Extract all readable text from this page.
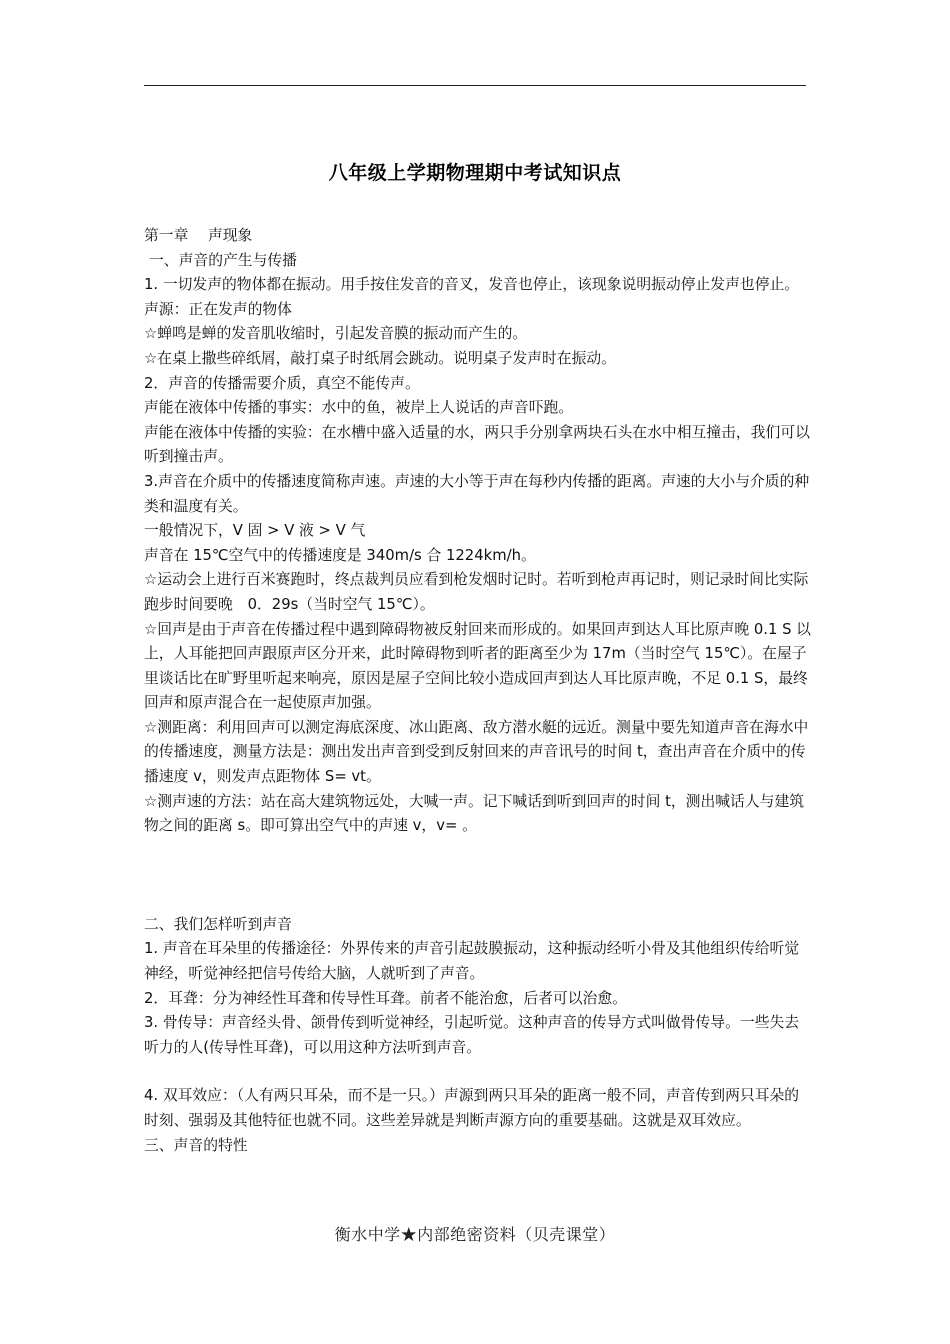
八年级上学期物理期中考试知识点

第一章　 声现象

一、声音的产生与传播

1. 一切发声的物体都在振动。用手按住发音的音叉，发音也停止，该现象说明振动停止发声也停止。

声源：正在发声的物体

☆蝉鸣是蝉的发音肌收缩时，引起发音膜的振动而产生的。

☆在桌上撒些碎纸屑，敲打桌子时纸屑会跳动。说明桌子发声时在振动。

2．声音的传播需要介质，真空不能传声。

声能在液体中传播的事实：水中的鱼，被岸上人说话的声音吓跑。

声能在液体中传播的实验：在水槽中盛入适量的水，两只手分别拿两块石头在水中相互撞击，我们可以听到撞击声。

3.声音在介质中的传播速度简称声速。声速的大小等于声在每秒内传播的距离。声速的大小与介质的种类和温度有关。

一般情况下，V 固 > V 液 > V 气

声音在 15℃空气中的传播速度是 340m/s 合 1224km/h。

☆运动会上进行百米赛跑时，终点裁判员应看到枪发烟时记时。若听到枪声再记时，则记录时间比实际跑步时间要晚　0．29s（当时空气 15℃）。

☆回声是由于声音在传播过程中遇到障碍物被反射回来而形成的。如果回声到达人耳比原声晚 0.1 S 以上，人耳能把回声跟原声区分开来，此时障碍物到听者的距离至少为 17m（当时空气 15℃）。在屋子里谈话比在旷野里听起来响亮，原因是屋子空间比较小造成回声到达人耳比原声晚，不足 0.1 S，最终回声和原声混合在一起使原声加强。

☆测距离：利用回声可以测定海底深度、冰山距离、敌方潜水艇的远近。测量中要先知道声音在海水中的传播速度，测量方法是：测出发出声音到受到反射回来的声音讯号的时间 t，查出声音在介质中的传播速度 v，则发声点距物体 S= vt。

☆测声速的方法：站在高大建筑物远处，大喊一声。记下喊话到听到回声的时间 t，测出喊话人与建筑物之间的距离 s。即可算出空气中的声速 v，v= 。

二、我们怎样听到声音

1. 声音在耳朵里的传播途径：外界传来的声音引起鼓膜振动，这种振动经听小骨及其他组织传给听觉神经，听觉神经把信号传给大脑，人就听到了声音。

2．耳聋：分为神经性耳聋和传导性耳聋。前者不能治愈，后者可以治愈。

3. 骨传导：声音经头骨、颌骨传到听觉神经，引起听觉。这种声音的传导方式叫做骨传导。一些失去听力的人(传导性耳聋)，可以用这种方法听到声音。

4. 双耳效应：（人有两只耳朵，而不是一只。）声源到两只耳朵的距离一般不同，声音传到两只耳朵的时刻、强弱及其他特征也就不同。这些差异就是判断声源方向的重要基础。这就是双耳效应。

三、声音的特性

衡水中学★内部绝密资料（贝壳课堂）
